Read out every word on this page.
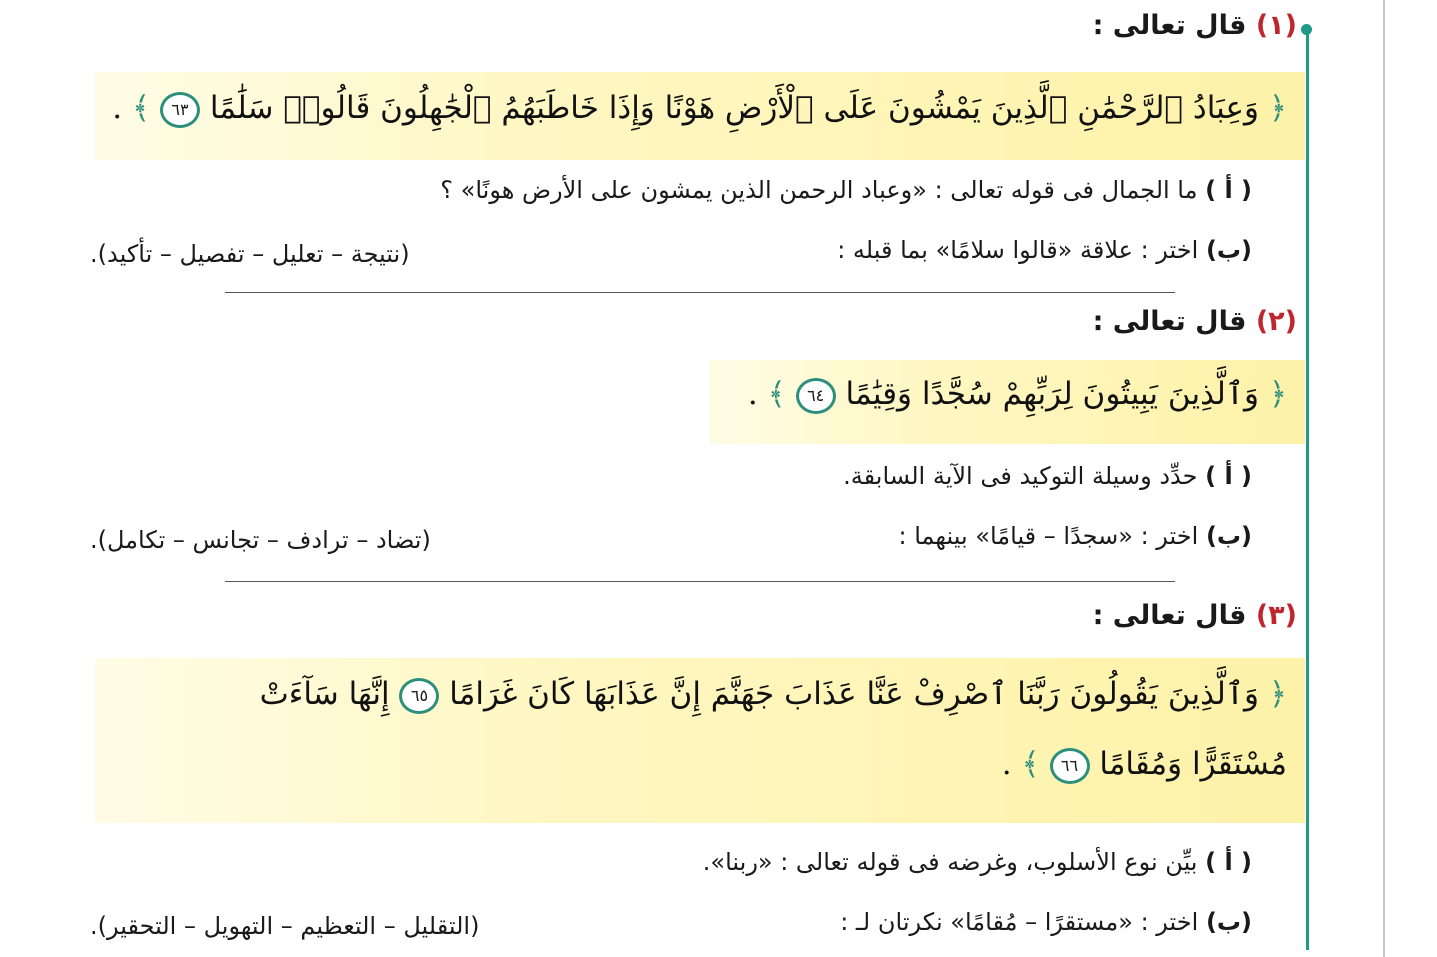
(١) قال تعالى :
﴿ وَعِبَادُ ٱلرَّحْمَٰنِ ٱلَّذِينَ يَمْشُونَ عَلَى ٱلْأَرْضِ هَوْنًا وَإِذَا خَاطَبَهُمُ ٱلْجَٰهِلُونَ قَالُوا۟ سَلَٰمًا ٦٣ ﴾ .
( أ ) ما الجمال فى قوله تعالى : «وعباد الرحمن الذين يمشون على الأرض هونًا» ؟
(ب) اختر : علاقة «قالوا سلامًا» بما قبله :
(نتيجة – تعليل – تفصيل – تأكيد).
(٢) قال تعالى :
﴿ وَٱلَّذِينَ يَبِيتُونَ لِرَبِّهِمْ سُجَّدًا وَقِيَٰمًا ٦٤ ﴾ .
( أ ) حدِّد وسيلة التوكيد فى الآية السابقة.
(ب) اختر : «سجدًا – قيامًا» بينهما :
(تضاد – ترادف – تجانس – تكامل).
(٣) قال تعالى :
﴿ وَٱلَّذِينَ يَقُولُونَ رَبَّنَا ٱصْرِفْ عَنَّا عَذَابَ جَهَنَّمَ إِنَّ عَذَابَهَا كَانَ غَرَامًا ٦٥ إِنَّهَا سَآءَتْ
مُسْتَقَرًّا وَمُقَامًا ٦٦ ﴾ .
( أ ) بيِّن نوع الأسلوب، وغرضه فى قوله تعالى : «ربنا».
(ب) اختر : «مستقرًا – مُقامًا» نكرتان لـ :
(التقليل – التعظيم – التهويل – التحقير).
